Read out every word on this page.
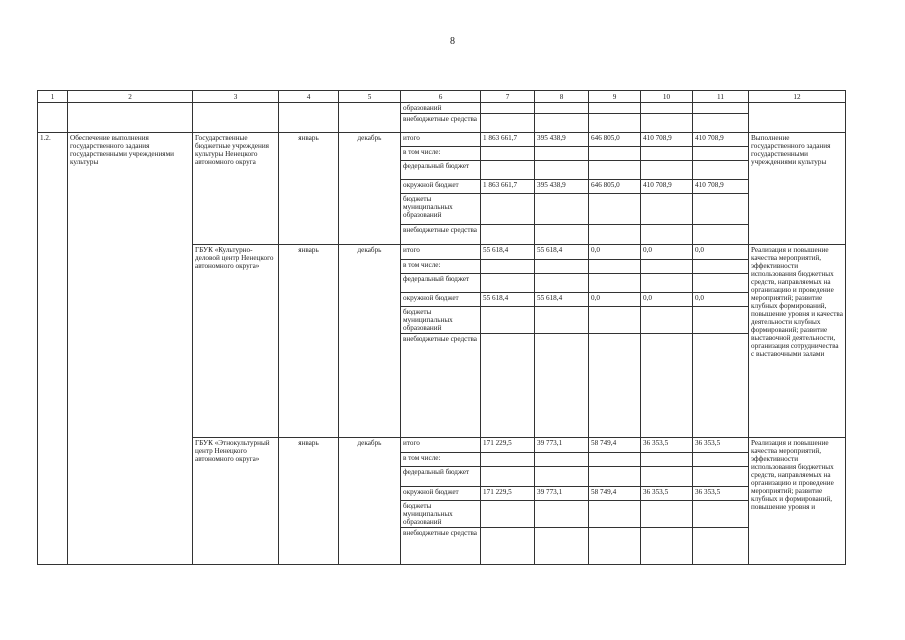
8
1	2	3	4	5	6	7	8	9	10	11	12
					образований						
					внебюджетные средства						
1.2.	Обеспечение выполнения государственного задания государственными учреждениями культуры	Государственные бюджетные учреждения культуры Ненецкого автономного округа	январь	декабрь	итого	1 863 661,7	395 438,9	646 805,0	410 708,9	410 708,9	Выполнение государственного задания государственными учреждениями культуры
					в том числе:						
					федеральный бюджет						
					окружной бюджет	1 863 661,7	395 438,9	646 805,0	410 708,9	410 708,9	
					бюджеты муниципальных образований						
					внебюджетные средства						
		ГБУК «Культурно-деловой центр Ненецкого автономного округа»	январь	декабрь	итого	55 618,4	55 618,4	0,0	0,0	0,0	Реализация и повышение качества мероприятий, эффективности использования бюджетных средств, направляемых на организацию и проведение мероприятий; развитие клубных формирований, повышение уровня и качества деятельности клубных формирований; развитие выставочной деятельности, организация сотрудничества с выставочными залами
					в том числе:						
					федеральный бюджет						
					окружной бюджет	55 618,4	55 618,4	0,0	0,0	0,0	
					бюджеты муниципальных образований						
					внебюджетные средства						
		ГБУК «Этнокультурный центр Ненецкого автономного округа»	январь	декабрь	итого	171 229,5	39 773,1	58 749,4	36 353,5	36 353,5	Реализация и повышение качества мероприятий, эффективности использования бюджетных средств, направляемых на организацию и проведение мероприятий; развитие клубных и формирований, повышение уровня и
					в том числе:						
					федеральный бюджет						
					окружной бюджет	171 229,5	39 773,1	58 749,4	36 353,5	36 353,5	
					бюджеты муниципальных образований						
					внебюджетные средства						
